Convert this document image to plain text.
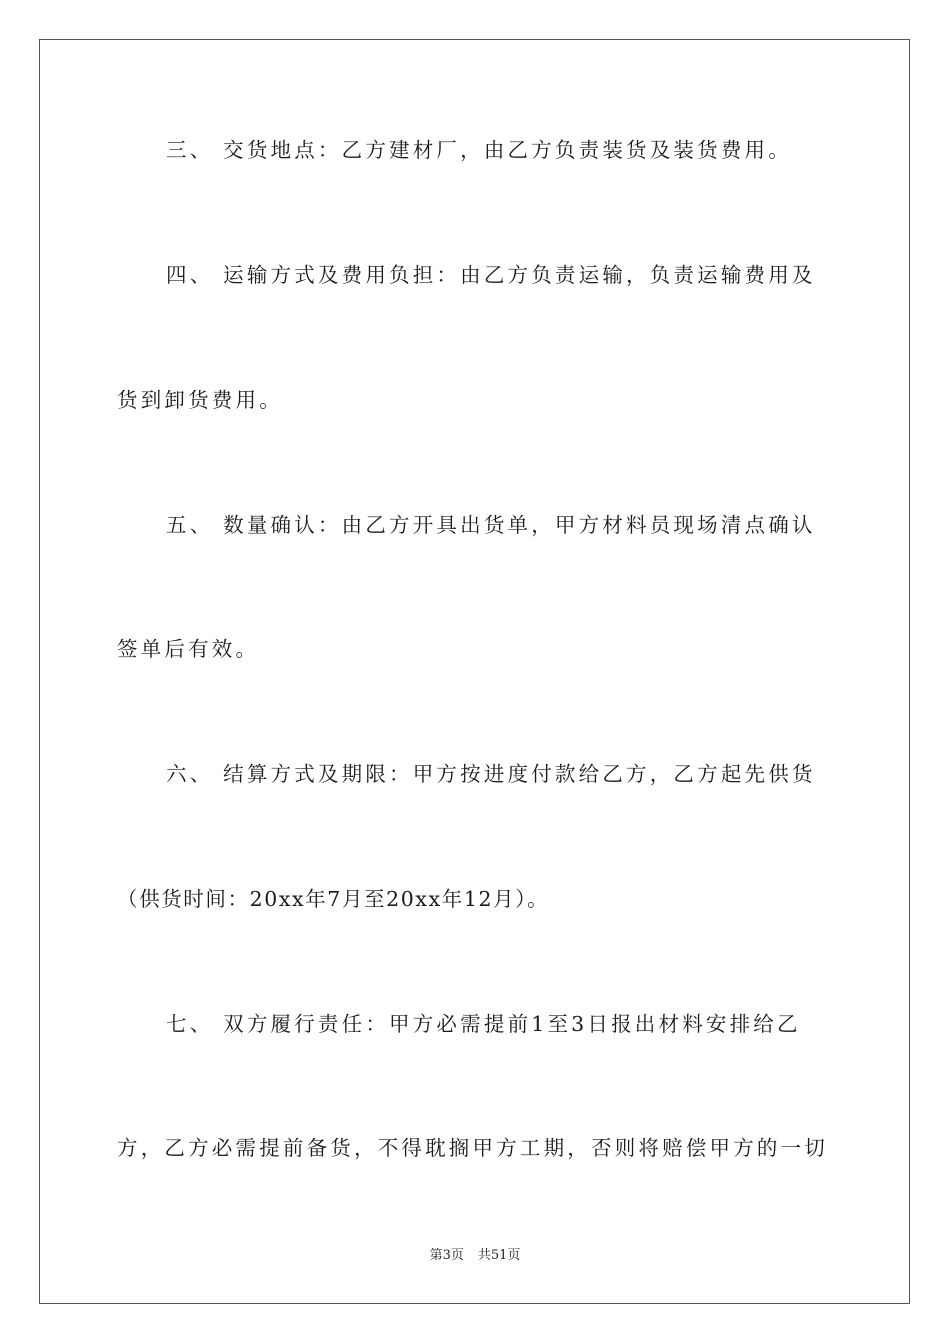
三、 交货地点：乙方建材厂，由乙方负责装货及装货费用。
四、 运输方式及费用负担：由乙方负责运输，负责运输费用及
货到卸货费用。
五、 数量确认：由乙方开具出货单，甲方材料员现场清点确认
签单后有效。
六、 结算方式及期限：甲方按进度付款给乙方，乙方起先供货
（供货时间：20xx年7月至20xx年12月）。
七、 双方履行责任：甲方必需提前1至3日报出材料安排给乙
方，乙方必需提前备货，不得耽搁甲方工期，否则将赔偿甲方的一切
第3页 共51页
